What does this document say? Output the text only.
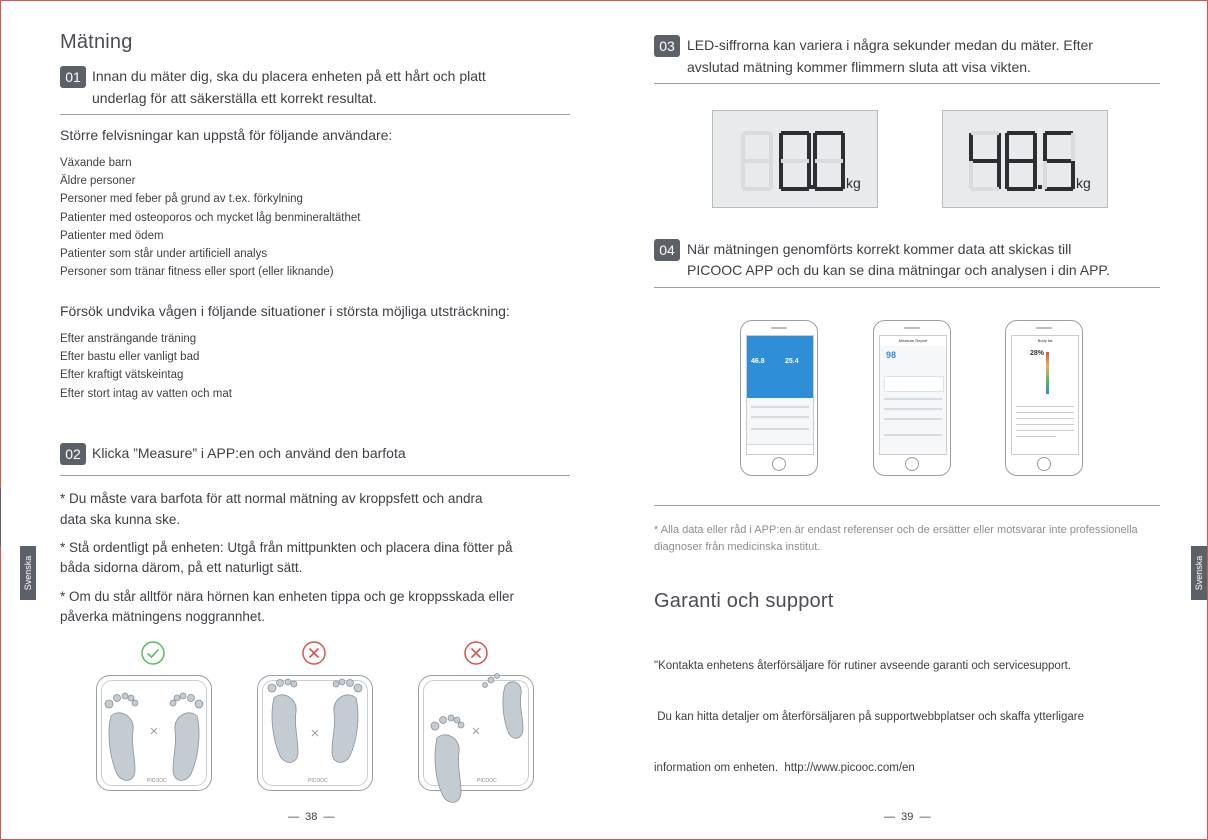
Mätning
01 Innan du mäter dig, ska du placera enheten på ett hårt och platt
underlag för att säkerställa ett korrekt resultat.
Större felvisningar kan uppstå för följande användare:
Växande barn
Äldre personer
Personer med feber på grund av t.ex. förkylning
Patienter med osteoporos och mycket låg benmineraltäthet
Patienter med ödem
Patienter som står under artificiell analys
Personer som tränar fitness eller sport (eller liknande)
Försök undvika vågen i följande situationer i största möjliga utsträckning:
Efter ansträngande träning
Efter bastu eller vanligt bad
Efter kraftigt vätskeintag
Efter stort intag av vatten och mat
02 Klicka ”Measure” i APP:en och använd den barfota
* Du måste vara barfota för att normal mätning av kroppsfett och andra
data ska kunna ske.
* Stå ordentligt på enheten: Utgå från mittpunkten och placera dina fötter på
båda sidorna därom, på ett naturligt sätt.
* Om du står alltför nära hörnen kan enheten tippa och ge kroppsskada eller
påverka mätningens noggrannhet.
PICOOC	PICOOC	PICOOC
—  38  —
Svenska
03 LED-siffrorna kan variera i några sekunder medan du mäter. Efter
avslutad mätning kommer flimmern sluta att visa vikten.
kg	kg
04 När mätningen genomförts korrekt kommer data att skickas till
PICOOC APP och du kan se dina mätningar och analysen i din APP.
46.8	25.4
Measure Report
98
Body fat
28%
* Alla data eller råd i APP:en är endast referenser och de ersätter eller motsvarar inte professionella
diagnoser från medicinska institut.
Garanti och support

"Kontakta enhetens återförsäljare för rutiner avseende garanti och servicesupport.

Du kan hitta detaljer om återförsäljaren på supportwebbplatser och skaffa ytterligare

information om enheten.  http://www.picooc.com/en

—  39  —
Svenska
